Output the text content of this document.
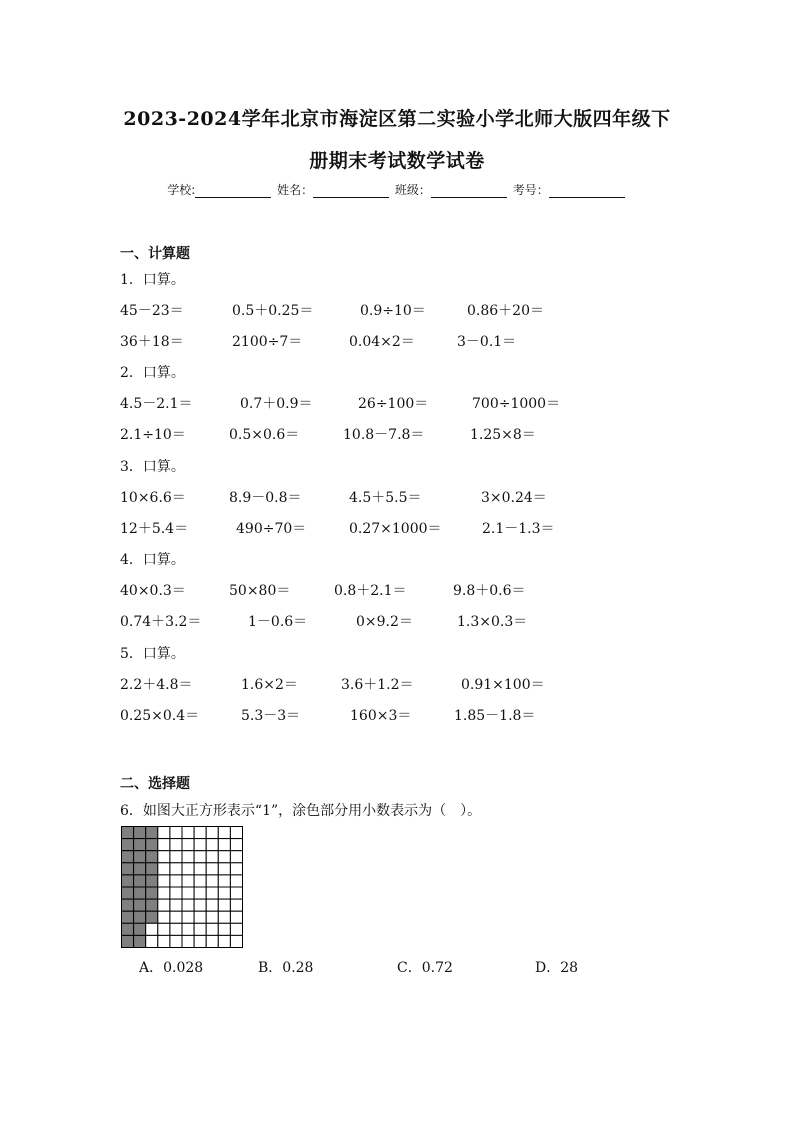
2023-2024学年北京市海淀区第二实验小学北师大版四年级下
册期末考试数学试卷
学校:	姓名：	班级：	考号：
一、计算题
1．口算。
45－23＝	0.5＋0.25＝	0.9÷10＝	0.86＋20＝
36＋18＝	2100÷7＝	0.04×2＝	3－0.1＝
2．口算。
4.5－2.1＝	0.7＋0.9＝	26÷100＝	700÷1000＝
2.1÷10＝	0.5×0.6＝	10.8－7.8＝	1.25×8＝
3．口算。
10×6.6＝	8.9－0.8＝	4.5＋5.5＝	3×0.24＝
12＋5.4＝	490÷70＝	0.27×1000＝	2.1－1.3＝
4．口算。
40×0.3＝	50×80＝	0.8＋2.1＝	9.8＋0.6＝
0.74＋3.2＝	1－0.6＝	0×9.2＝	1.3×0.3＝
5．口算。
2.2＋4.8＝	1.6×2＝	3.6＋1.2＝	0.91×100＝
0.25×0.4＝	5.3－3＝	160×3＝	1.85－1.8＝
二、选择题
6．如图大正方形表示“1”，涂色部分用小数表示为（　）。
A．0.028	B．0.28	C．0.72	D．28
